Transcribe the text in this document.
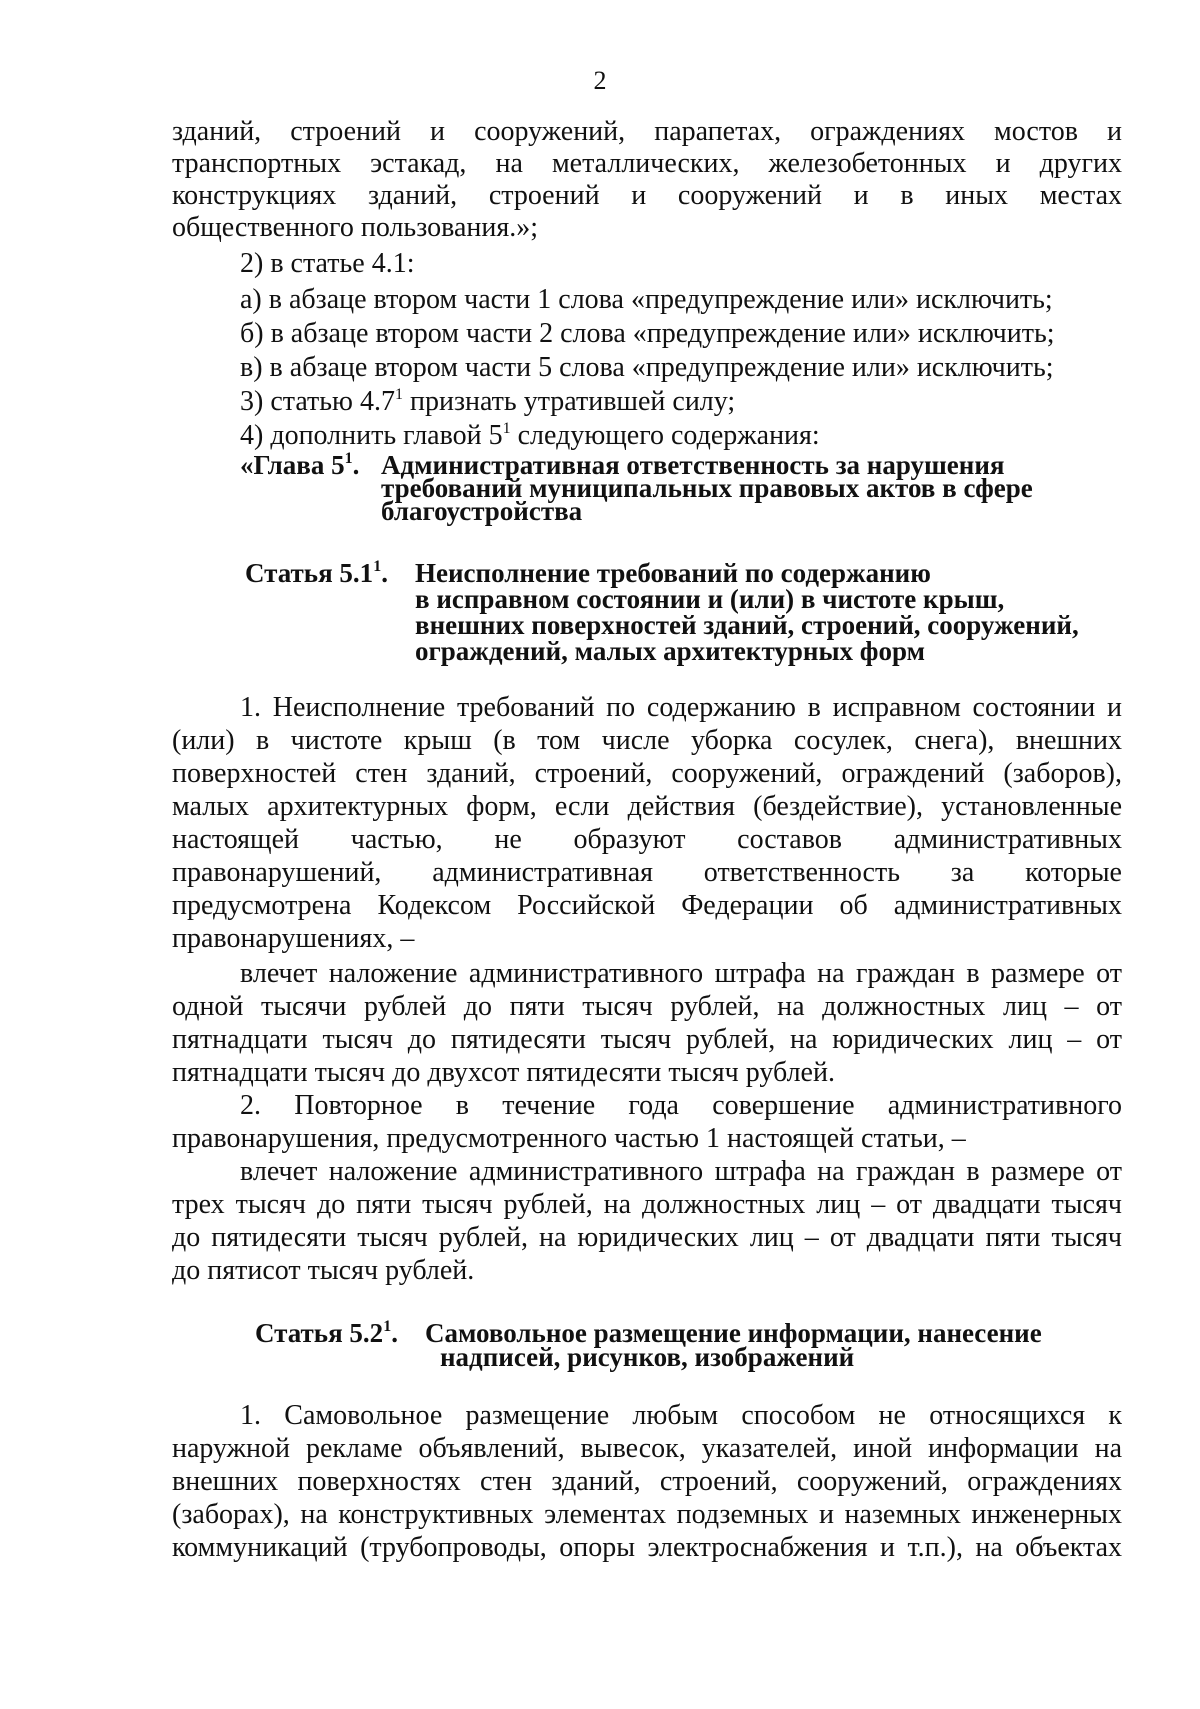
2
зданий, строений и сооружений, парапетах, ограждениях мостов и
транспортных эстакад, на металлических, железобетонных и других
конструкциях зданий, строений и сооружений и в иных местах
общественного пользования.»;
2) в статье 4.1:
а) в абзаце втором части 1 слова «предупреждение или» исключить;
б) в абзаце втором части 2 слова «предупреждение или» исключить;
в) в абзаце втором части 5 слова «предупреждение или» исключить;
3) статью $4.7^1$ признать утратившей силу;
4) дополнить главой $5^1$ следующего содержания:
«Глава $5^1$. Административная ответственность за нарушения
требований муниципальных правовых актов в сфере
благоустройства
Статья $5.1^1$. Неисполнение требований по содержанию
в исправном состоянии и (или) в чистоте крыш,
внешних поверхностей зданий, строений, сооружений,
ограждений, малых архитектурных форм
1. Неисполнение требований по содержанию в исправном состоянии и
(или) в чистоте крыш (в том числе уборка сосулек, снега), внешних
поверхностей стен зданий, строений, сооружений, ограждений (заборов),
малых архитектурных форм, если действия (бездействие), установленные
настоящей частью, не образуют составов административных
правонарушений, административная ответственность за которые
предусмотрена Кодексом Российской Федерации об административных
правонарушениях, –
влечет наложение административного штрафа на граждан в размере от
одной тысячи рублей до пяти тысяч рублей, на должностных лиц – от
пятнадцати тысяч до пятидесяти тысяч рублей, на юридических лиц – от
пятнадцати тысяч до двухсот пятидесяти тысяч рублей.
2. Повторное в течение года совершение административного
правонарушения, предусмотренного частью 1 настоящей статьи, –
влечет наложение административного штрафа на граждан в размере от
трех тысяч до пяти тысяч рублей, на должностных лиц – от двадцати тысяч
до пятидесяти тысяч рублей, на юридических лиц – от двадцати пяти тысяч
до пятисот тысяч рублей.
Статья $5.2^1$. Самовольное размещение информации, нанесение
надписей, рисунков, изображений
1. Самовольное размещение любым способом не относящихся к
наружной рекламе объявлений, вывесок, указателей, иной информации на
внешних поверхностях стен зданий, строений, сооружений, ограждениях
(заборах), на конструктивных элементах подземных и наземных инженерных
коммуникаций (трубопроводы, опоры электроснабжения и т.п.), на объектах
